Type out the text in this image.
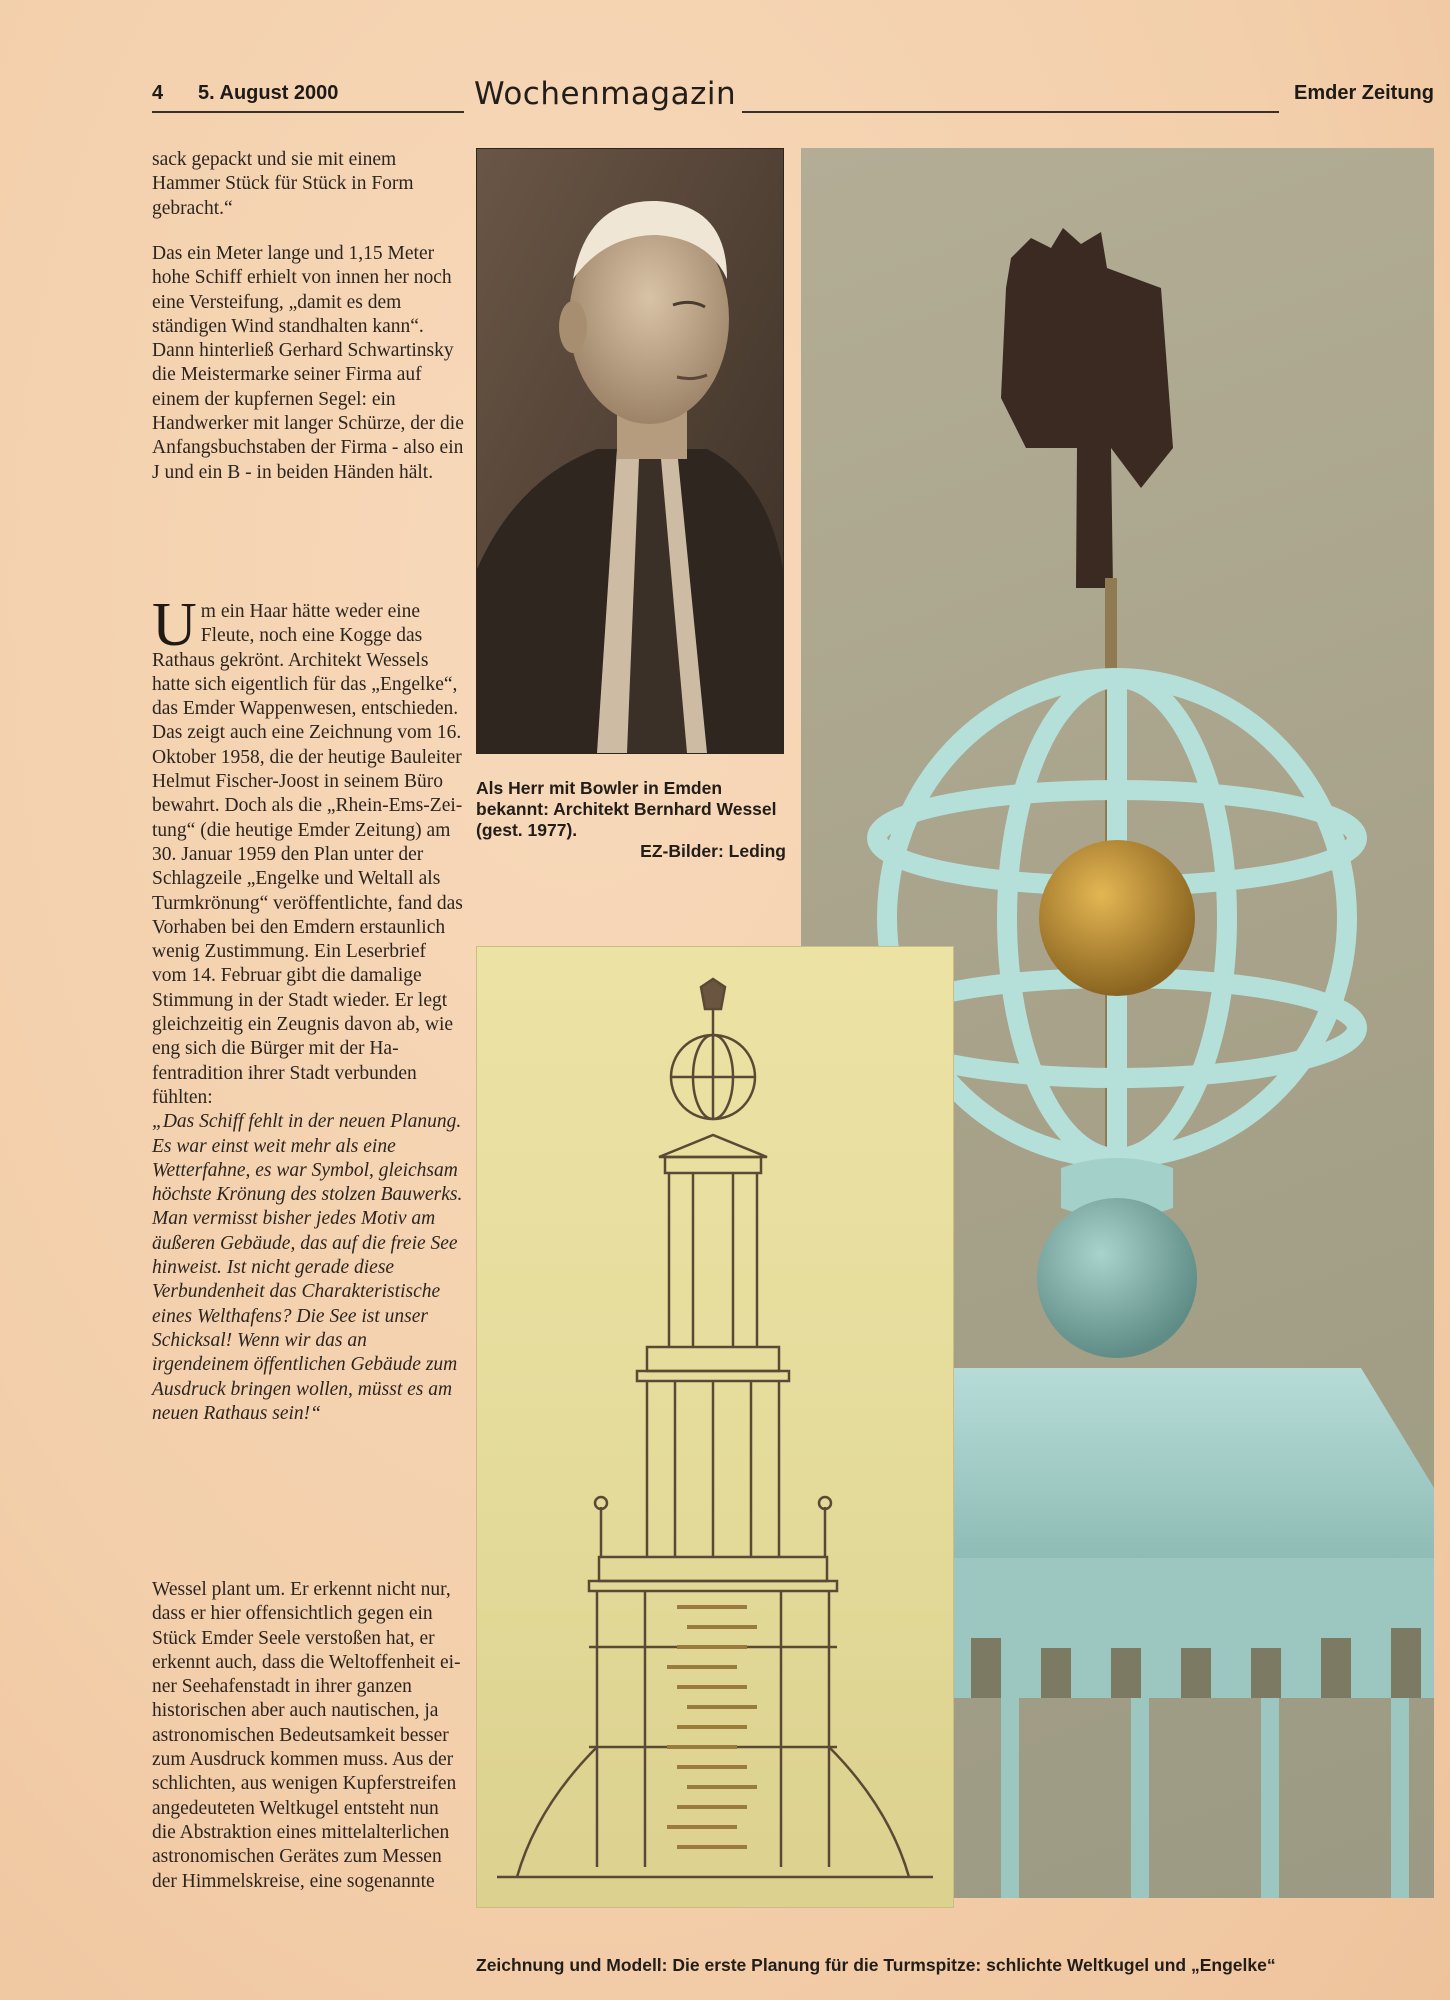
4 5. August 2000	Wochenmagazin	Emder Zeitung

sack gepackt und sie mit einem Hammer Stück für Stück in Form gebracht.“

Das ein Meter lange und 1,15 Meter hohe Schiff erhielt von innen her noch eine Versteifung, „damit es dem ständigen Wind standhalten kann“. Dann hinterließ Gerhard Schwartinsky die Meistermarke seiner Firma auf einem der kupfernen Segel: ein Handwerker mit langer Schürze, der die Anfangsbuchstaben der Firma - also ein J und ein B - in beiden Händen hält.

U m ein Haar hätte weder eine Fleute, noch eine Kogge das Rathaus gekrönt. Architekt Wessels hatte sich eigentlich für das „Engelke“, das Emder Wappenwesen, entschieden. Das zeigt auch eine Zeichnung vom 16. Oktober 1958, die der heutige Bauleiter Helmut Fischer-Joost in seinem Büro bewahrt. Doch als die „Rhein-Ems-Zeitung“ (die heutige Emder Zeitung) am 30. Januar 1959 den Plan unter der Schlagzeile „Engelke und Weltall als Turmkrönung“ veröffentlichte, fand das Vorhaben bei den Emdern erstaunlich wenig Zustimmung. Ein Leserbrief vom 14. Februar gibt die damalige Stimmung in der Stadt wieder. Er legt gleichzeitig ein Zeugnis davon ab, wie eng sich die Bürger mit der Hafentradition ihrer Stadt verbunden fühlten:

„Das Schiff fehlt in der neuen Planung. Es war einst weit mehr als eine Wetterfahne, es war Symbol, gleichsam höchste Krönung des stolzen Bauwerks. Man vermisst bisher jedes Motiv am äußeren Gebäude, das auf die freie See hinweist. Ist nicht gerade diese Verbundenheit das Charakteristische eines Welthafens? Die See ist unser Schicksal! Wenn wir das an irgendeinem öffentlichen Gebäude zum Ausdruck bringen wollen, müsst es am neuen Rathaus sein!“

Wessel plant um. Er erkennt nicht nur, dass er hier offensichtlich gegen ein Stück Emder Seele verstoßen hat, er erkennt auch, dass die Weltoffenheit einer Seehafenstadt in ihrer ganzen historischen aber auch nautischen, ja astronomischen Bedeutsamkeit besser zum Ausdruck kommen muss. Aus der schlichten, aus wenigen Kupferstreifen angedeuteten Weltkugel entsteht nun die Abstraktion eines mittelalterlichen astronomischen Gerätes zum Messen der Himmelskreise, eine sogenannte

Als Herr mit Bowler in Emden bekannt: Architekt Bernhard Wessel (gest. 1977).
EZ-Bilder: Leding
Zeichnung und Modell: Die erste Planung für die Turmspitze: schlichte Weltkugel und „Engelke“
